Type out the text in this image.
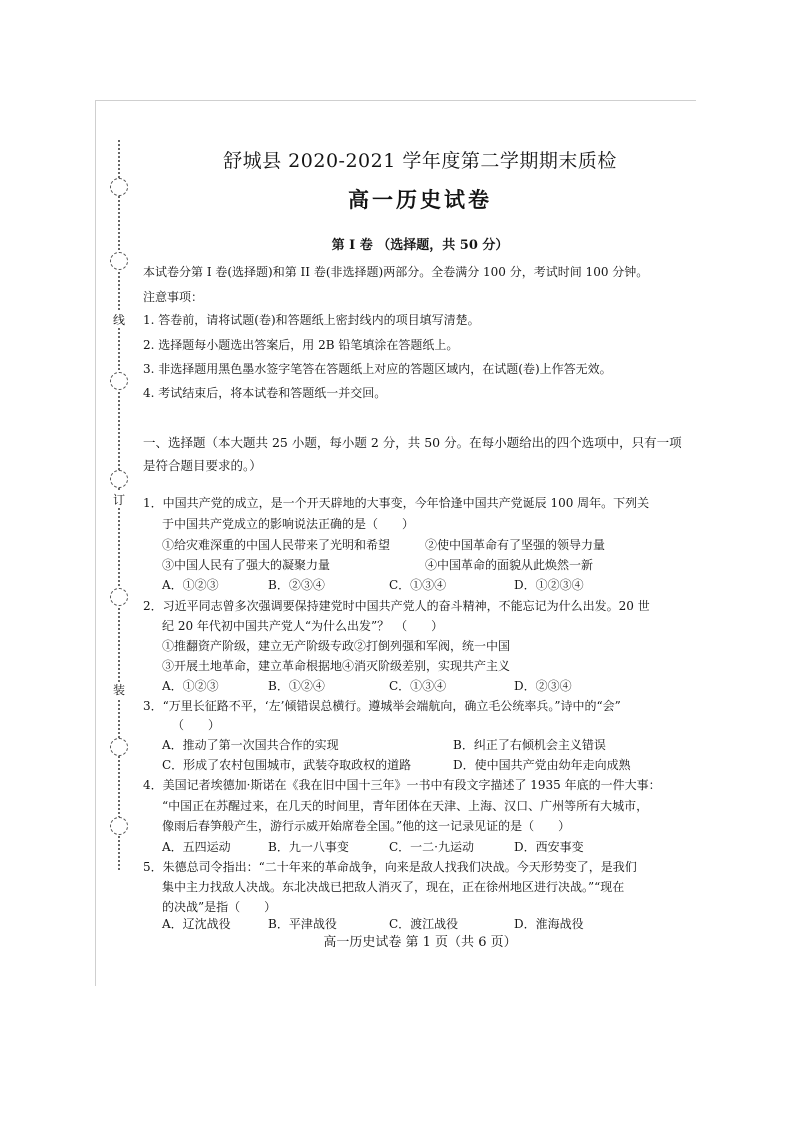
线
订
装
舒城县 2020-2021 学年度第二学期期末质检
高一历史试卷
第 I 卷 （选择题，共 50 分）
本试卷分第 I 卷(选择题)和第 II 卷(非选择题)两部分。全卷满分 100 分，考试时间 100 分钟。
注意事项：
1. 答卷前，请将试题(卷)和答题纸上密封线内的项目填写清楚。
2. 选择题每小题选出答案后，用 2B 铅笔填涂在答题纸上。
3. 非选择题用黑色墨水签字笔答在答题纸上对应的答题区域内，在试题(卷)上作答无效。
4. 考试结束后，将本试卷和答题纸一并交回。
一、选择题（本大题共 25 小题，每小题 2 分，共 50 分。在每小题给出的四个选项中，只有一项
是符合题目要求的。）
1．中国共产党的成立，是一个开天辟地的大事变，今年恰逢中国共产党诞辰 100 周年。下列关
于中国共产党成立的影响说法正确的是（　　）
①给灾难深重的中国人民带来了光明和希望	②使中国革命有了坚强的领导力量
③中国人民有了强大的凝聚力量	④中国革命的面貌从此焕然一新
A．①②③	B．②③④	C．①③④	D．①②③④
2．习近平同志曾多次强调要保持建党时中国共产党人的奋斗精神，不能忘记为什么出发。20 世
纪 20 年代初中国共产党人“为什么出发”？　（　　）
①推翻资产阶级，建立无产阶级专政②打倒列强和军阀，统一中国
③开展土地革命，建立革命根据地④消灭阶级差别，实现共产主义
A．①②③	B．①②④	C．①③④	D．②③④
3．“万里长征路不平，‘左’倾错误总横行。遵城举会端航向，确立毛公统率兵。”诗中的“会”
（　　）
A．推动了第一次国共合作的实现	B．纠正了右倾机会主义错误
C．形成了农村包围城市，武装夺取政权的道路	D．使中国共产党由幼年走向成熟
4．美国记者埃德加·斯诺在《我在旧中国十三年》一书中有段文字描述了 1935 年底的一件大事：
“中国正在苏醒过来，在几天的时间里，青年团体在天津、上海、汉口、广州等所有大城市，
像雨后春笋般产生，游行示威开始席卷全国。”他的这一记录见证的是（　　）
A．五四运动	B．九一八事变	C．一二·九运动	D．西安事变
5．朱德总司令指出：“二十年来的革命战争，向来是敌人找我们决战。今天形势变了，是我们
集中主力找敌人决战。东北决战已把敌人消灭了，现在，正在徐州地区进行决战。”“现在
的决战”是指（　　）
A．辽沈战役	B．平津战役	C．渡江战役	D．淮海战役
高一历史试卷 第 1 页（共 6 页）
